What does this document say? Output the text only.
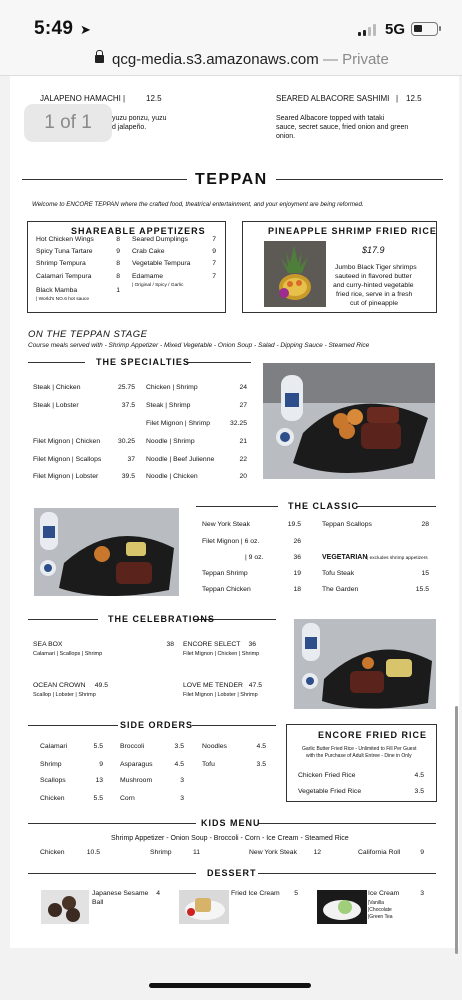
5:49 ➤	5G
qcg-media.s3.amazonaws.com — Private
JALAPENO HAMACHI |	12.5
yuzu ponzu, yuzu
d jalapeño.
SEARED ALBACORE SASHIMI | 12.5
Seared Albacore topped with tataki
sauce, secret sauce, fried onion and green
onion.
TEPPAN
Welcome to ENCORE TEPPAN where the crafted food, theatrical entertainment, and your enjoyment are being reformed.
SHAREABLE APPETIZERS	PINEAPPLE SHRIMP FRIED RICE
$17.9
Jumbo Black Tiger shrimps
sauteed in flavored butter
and curry-hinted vegetable
fried rice, serve in a fresh
cut of pineapple
ON THE TEPPAN STAGE
Course meals served with - Shrimp Appetizer - Mixed Vegetable - Onion Soup - Salad - Dipping Sauce - Steamed Rice
THE SPECIALTIES
THE CLASSIC
VEGETARIAN | excludes shrimp appetizers
THE CELEBRATIONS
SIDE ORDERS
ENCORE FRIED RICE
Garlic Butter Fried Rice - Unlimited to Fill Per Guest
with the Purchase of Adult Entree - Dine in Only
KIDS MENU
Shrimp Appetizer - Onion Soup - Broccoli - Corn - Ice Cream - Steamed Rice
DESSERT
Hot Chicken Wings	8
Spicy Tuna Tartare	9
Shrimp Tempura	8
Calamari Tempura	8
Black Mamba	1
| World's NO.6 hot sauce
Seared Dumplings	7
Crab Cake	9
Vegetable Tempura	7
Edamame	7
| Original / Spicy / Garlic
Steak | Chicken	25.75
Steak | Lobster	37.5
Filet Mignon | Chicken	30.25
Filet Mignon | Scallops	37
Filet Mignon | Lobster	39.5
Chicken | Shrimp	24
Steak | Shrimp	27
Filet Mignon | Shrimp	32.25
Noodle | Shrimp	21
Noodle | Beef Julienne	22
Noodle | Chicken	20
New York Steak	19.5
Filet Mignon | 6 oz.	26
| 9 oz.	36
Teppan Shrimp	19
Teppan Chicken	18
Teppan Scallops	28
Tofu Steak	15
The Garden	15.5
SEA BOX	38
Calamari | Scallops | Shrimp
ENCORE SELECT	36
Filet Mignon | Chicken | Shrimp
OCEAN CROWN	49.5
Scallop | Lobster | Shrimp
LOVE ME TENDER 47.5
Filet Mignon | Lobster | Shrimp
Calamari	5.5	Broccoli	3.5	Noodles	4.5
Shrimp	9	Asparagus	4.5	Tofu	3.5
Scallops	13	Mushroom	3
Chicken	5.5	Corn	3
Chicken Fried Rice	4.5
Vegetable Fried Rice	3.5
Chicken	10.5	Shrimp	11	New York Steak	12	California Roll	9
Japanese Sesame
Ball
4	Fried Ice Cream	5	Ice Cream	3
|Vanilla
|Chocolate
|Green Tea
1 of 1
